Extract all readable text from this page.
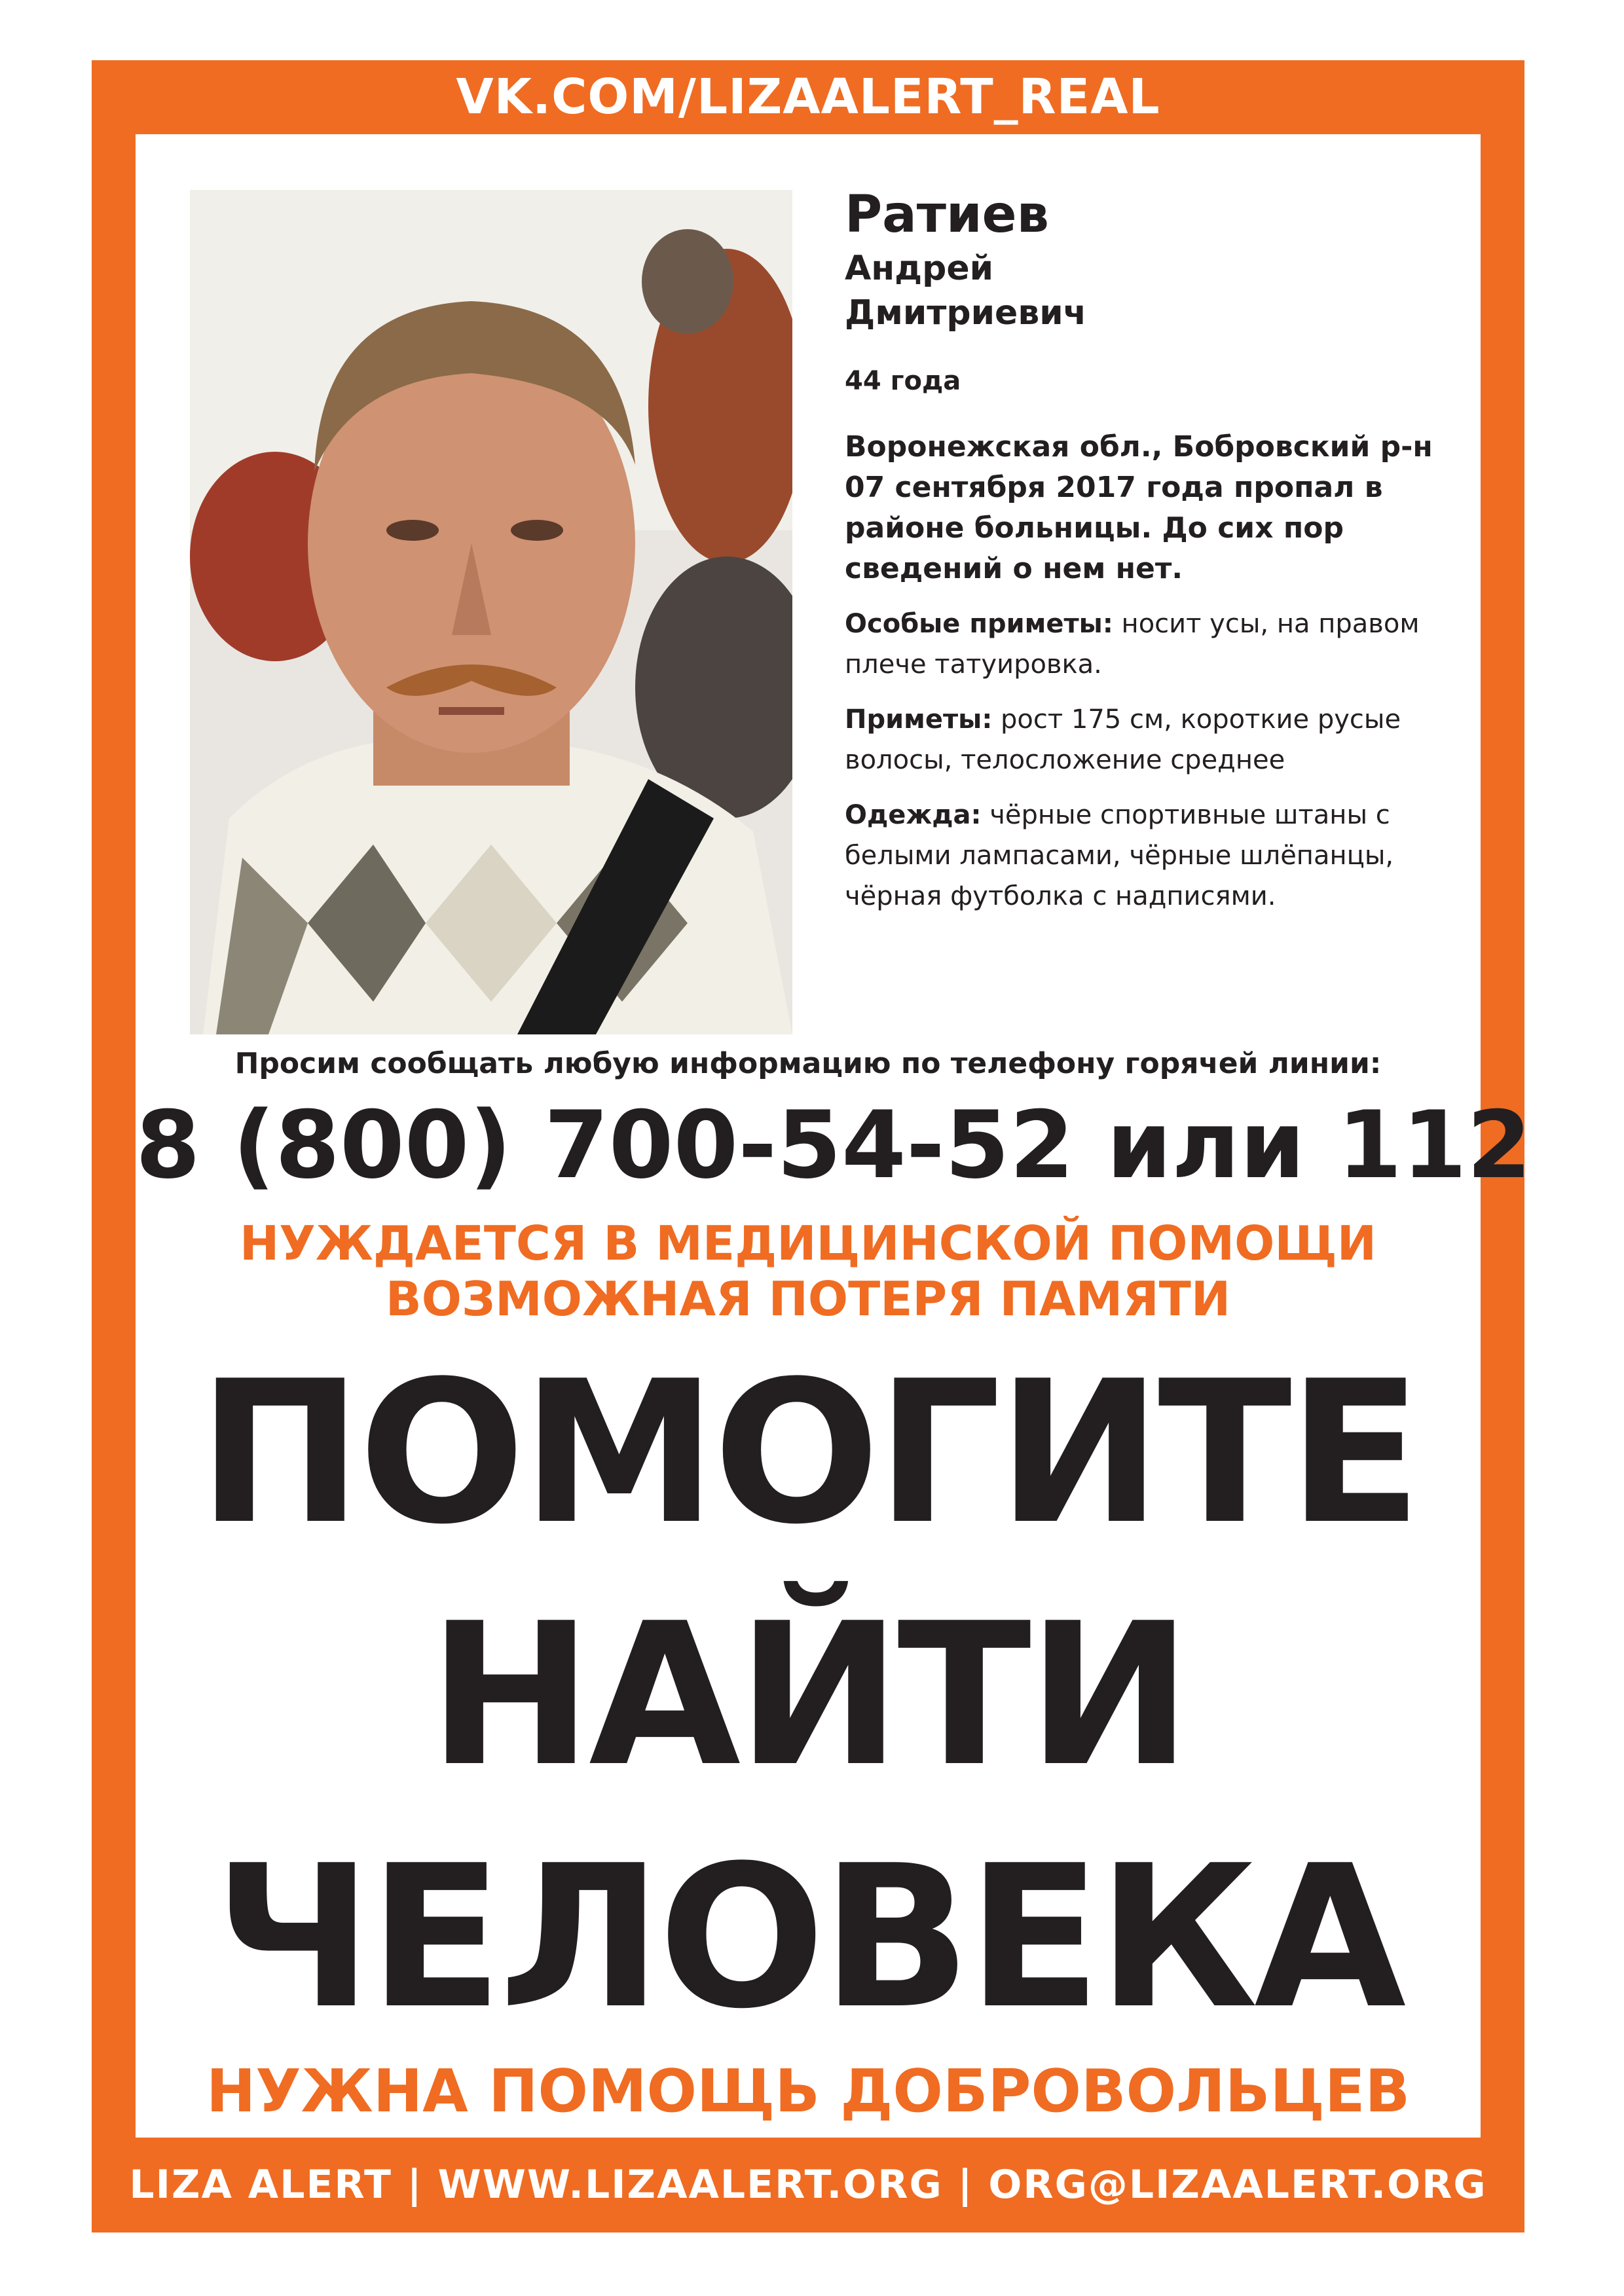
VK.COM/LIZAALERT_REAL
Ратиев
Андрей
Дмитриевич
44 года
Воронежская обл., Бобровский р-н
07 сентября 2017 года пропал в районе больницы. До сих пор сведений о нем нет.
Особые приметы: носит усы, на правом плече татуировка.
Приметы: рост 175 см, короткие русые волосы, телосложение среднее
Одежда: чёрные спортивные штаны с белыми лампасами, чёрные шлёпанцы, чёрная футболка с надписями.
Просим сообщать любую информацию по телефону горячей линии:
8 (800) 700-54-52 или 112
НУЖДАЕТСЯ В МЕДИЦИНСКОЙ ПОМОЩИ
ВОЗМОЖНАЯ ПОТЕРЯ ПАМЯТИ
ПОМОГИТЕ
НАЙТИ
ЧЕЛОВЕКА
НУЖНА ПОМОЩЬ ДОБРОВОЛЬЦЕВ
LIZA ALERT | WWW.LIZAALERT.ORG | ORG@LIZAALERT.ORG
